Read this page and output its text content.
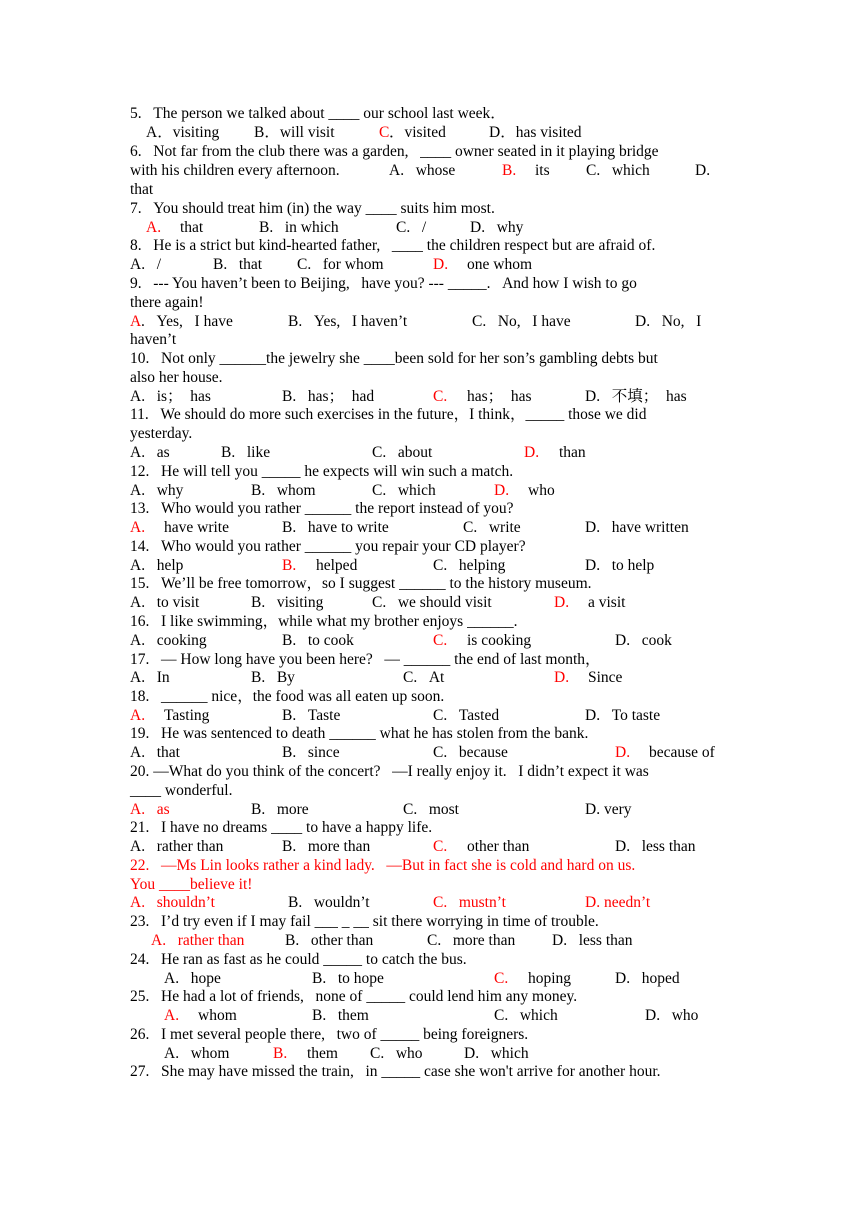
5.   The person we talked about ____ our school last week．
A．visiting B．will visit	C ．visited	D．has visited
6.   Not far from the club there was a garden,   ____ owner seated in it playing bridge
with his children every afternoon.	A.   whose	B. its C.   which	D.
that
7.   You should treat him (in) the way ____ suits him most.
A. that	B.   in which	C.   /	D.   why
8.   He is a strict but kind-hearted father,   ____ the children respect but are afraid of.
A.   /	B.   that C.   for whom	D. one whom
9.   --- You haven’t been to Beijing,   have you? --- _____.   And how I wish to go
there again!
A .   Yes,   I have	B.   Yes,   I haven’t	C.   No,   I have	D.   No,   I
haven’t
10.   Not only ______the jewelry she ____been sold for her son’s gambling debts but
also her house.
A.   is；  has	B.   has；  had	C. has；  has	D.   不填；  has
11.   We should do more such exercises in the future，I think，_____ those we did
yesterday.
A.   as	B.   like	C.   about	D. than
12.   He will tell you _____ he expects will win such a match.
A.   why	B.   whom	C.   which	D. who
13.   Who would you rather ______ the report instead of you?
A. have write	B.   have to write	C.   write	D.   have written
14.   Who would you rather ______ you repair your CD player?
A.   help	B. helped	C.   helping	D.   to help
15.   We’ll be free tomorrow，so I suggest ______ to the history museum.
A.   to visit	B.   visiting	C.   we should visit	D. a visit
16.   I like swimming，while what my brother enjoys ______.
A.   cooking	B.   to cook	C. is cooking	D.   cook
17.   — How long have you been here?   — ______ the end of last month，
A.   In	B.   By	C.   At	D. Since
18.   ______ nice，the food was all eaten up soon.
A. Tasting	B.   Taste	C.   Tasted	D.   To taste
19.   He was sentenced to death ______ what he has stolen from the bank.
A.   that	B.   since	C.   because	D. because of
20. —What do you think of the concert?   —I really enjoy it.   I didn’t expect it was
____ wonderful.
A.   as	B.   more	C.   most	D. very
21.   I have no dreams ____ to have a happy life.
A.   rather than	B.   more than	C. other than	D.   less than
22.   —Ms Lin looks rather a kind lady.   —But in fact she is cold and hard on us.
You ____believe it!
A.   shouldn’t	B.   wouldn’t	C.   mustn’t	D. needn’t
23.   I’d try even if I may fail ___ _ __ sit there worrying in time of trouble.
A.   rather than	B.   other than	C.   more than D.   less than
24.   He ran as fast as he could _____ to catch the bus.
A.   hope	B.   to hope	C. hoping	D.   hoped
25.   He had a lot of friends,   none of _____ could lend him any money.
A. whom	B.   them	C.   which	D.   who
26.   I met several people there,   two of _____ being foreigners.
A.   whom	B. them C.   who	D.   which
27.   She may have missed the train,   in _____ case she won't arrive for another hour.
